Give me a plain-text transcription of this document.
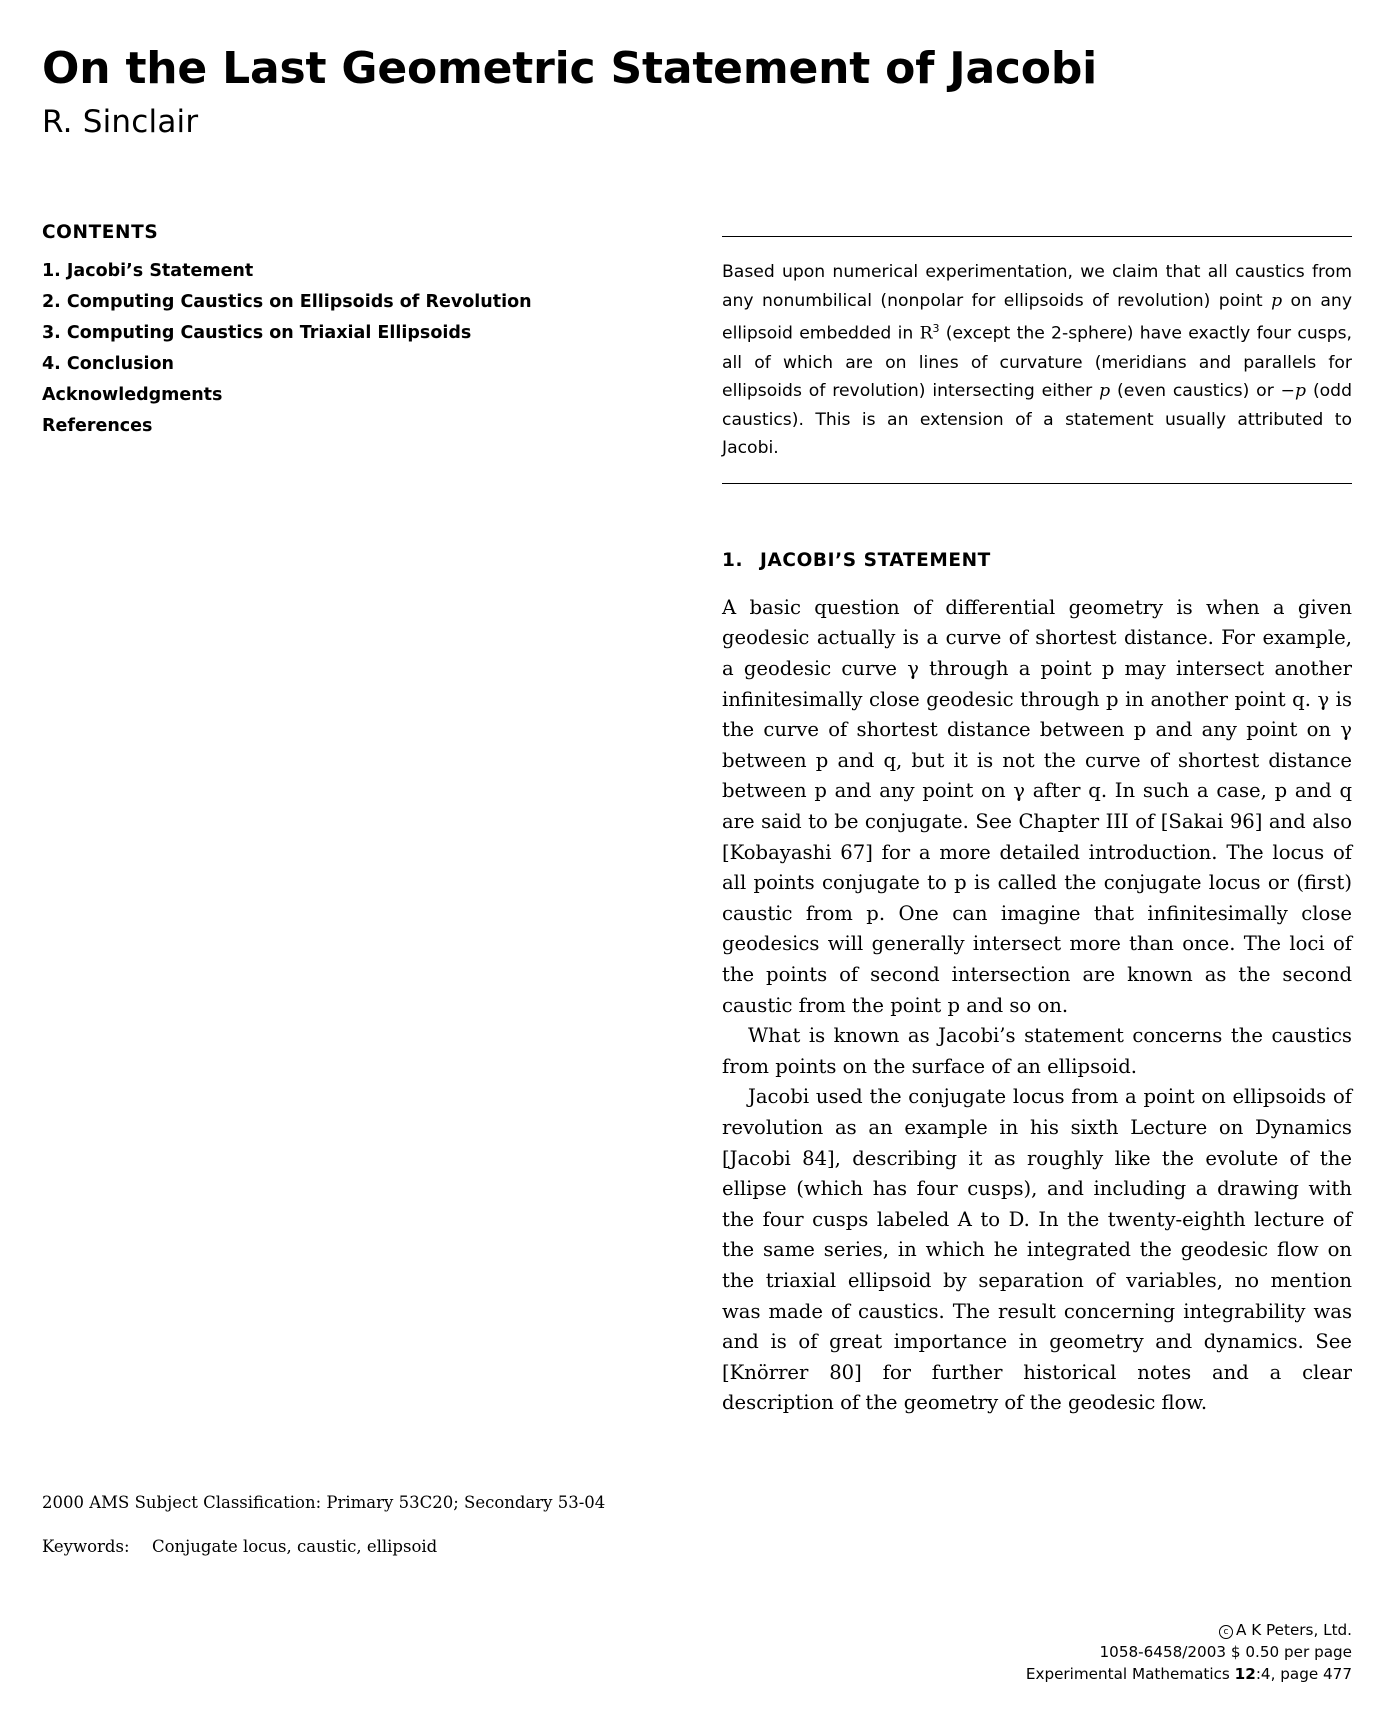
On the Last Geometric Statement of Jacobi
R. Sinclair
CONTENTS
1. Jacobi’s Statement
2. Computing Caustics on Ellipsoids of Revolution
3. Computing Caustics on Triaxial Ellipsoids
4. Conclusion
Acknowledgments
References
2000 AMS Subject Classification: Primary 53C20; Secondary 53-04
Keywords: Conjugate locus, caustic, ellipsoid

Based upon numerical experimentation, we claim that all caustics from any nonumbilical (nonpolar for ellipsoids of revolution) point p on any ellipsoid embedded in $R^3$ (except the 2-sphere) have exactly four cusps, all of which are on lines of curvature (meridians and parallels for ellipsoids of revolution) intersecting either p (even caustics) or −p (odd caustics). This is an extension of a statement usually attributed to Jacobi.

1. JACOBI’S STATEMENT

A basic question of differential geometry is when a given geodesic actually is a curve of shortest distance. For example, a geodesic curve γ through a point p may intersect another infinitesimally close geodesic through p in another point q. γ is the curve of shortest distance between p and any point on γ between p and q, but it is not the curve of shortest distance between p and any point on γ after q. In such a case, p and q are said to be conjugate. See Chapter III of [Sakai 96] and also [Kobayashi 67] for a more detailed introduction. The locus of all points conjugate to p is called the conjugate locus or (first) caustic from p. One can imagine that infinitesimally close geodesics will generally intersect more than once. The loci of the points of second intersection are known as the second caustic from the point p and so on.

What is known as Jacobi’s statement concerns the caustics from points on the surface of an ellipsoid.

Jacobi used the conjugate locus from a point on ellipsoids of revolution as an example in his sixth Lecture on Dynamics [Jacobi 84], describing it as roughly like the evolute of the ellipse (which has four cusps), and including a drawing with the four cusps labeled A to D. In the twenty-eighth lecture of the same series, in which he integrated the geodesic flow on the triaxial ellipsoid by separation of variables, no mention was made of caustics. The result concerning integrability was and is of great importance in geometry and dynamics. See [Knörrer 80] for further historical notes and a clear description of the geometry of the geodesic flow.

c A K Peters, Ltd.
1058-6458/2003 $ 0.50 per page
Experimental Mathematics 12:4, page 477
